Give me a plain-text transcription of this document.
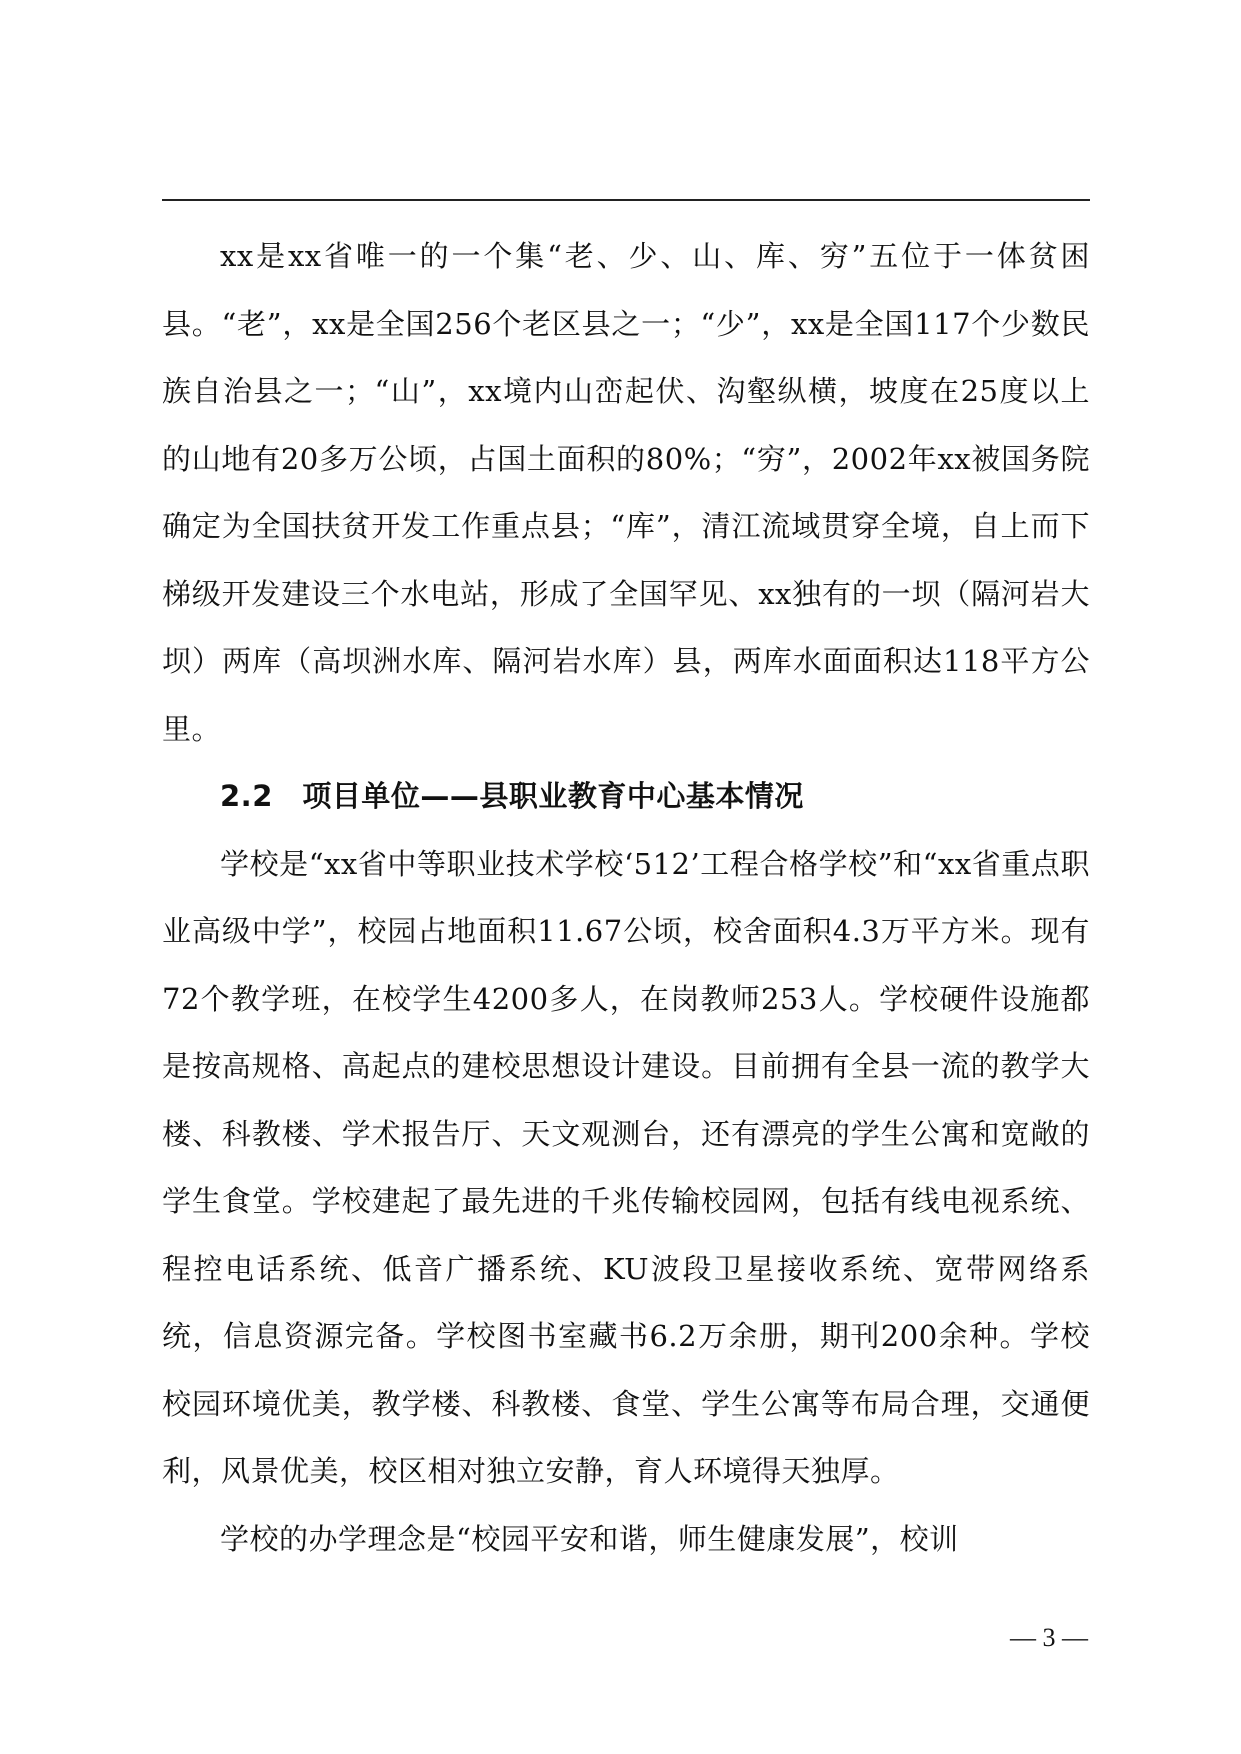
xx是xx省唯一的一个集“老、少、山、库、穷”五位于一体贫困县。“老”，xx是全国256个老区县之一；“少”，xx是全国117个少数民族自治县之一；“山”，xx境内山峦起伏、沟壑纵横，坡度在25度以上的山地有20多万公顷，占国土面积的80%；“穷”，2002年xx被国务院确定为全国扶贫开发工作重点县；“库”，清江流域贯穿全境，自上而下梯级开发建设三个水电站，形成了全国罕见、xx独有的一坝（隔河岩大坝）两库（高坝洲水库、隔河岩水库）县，两库水面面积达118平方公里。

2.2　项目单位——县职业教育中心基本情况

学校是“xx省中等职业技术学校‘512’工程合格学校”和“xx省重点职业高级中学”，校园占地面积11.67公顷，校舍面积4.3万平方米。现有72个教学班，在校学生4200多人，在岗教师253人。学校硬件设施都是按高规格、高起点的建校思想设计建设。目前拥有全县一流的教学大楼、科教楼、学术报告厅、天文观测台，还有漂亮的学生公寓和宽敞的学生食堂。学校建起了最先进的千兆传输校园网，包括有线电视系统、程控电话系统、低音广播系统、KU波段卫星接收系统、宽带网络系统，信息资源完备。学校图书室藏书6.2万余册，期刊200余种。学校校园环境优美，教学楼、科教楼、食堂、学生公寓等布局合理，交通便利，风景优美，校区相对独立安静，育人环境得天独厚。

学校的办学理念是“校园平安和谐，师生健康发展”，校训

— 3 —
